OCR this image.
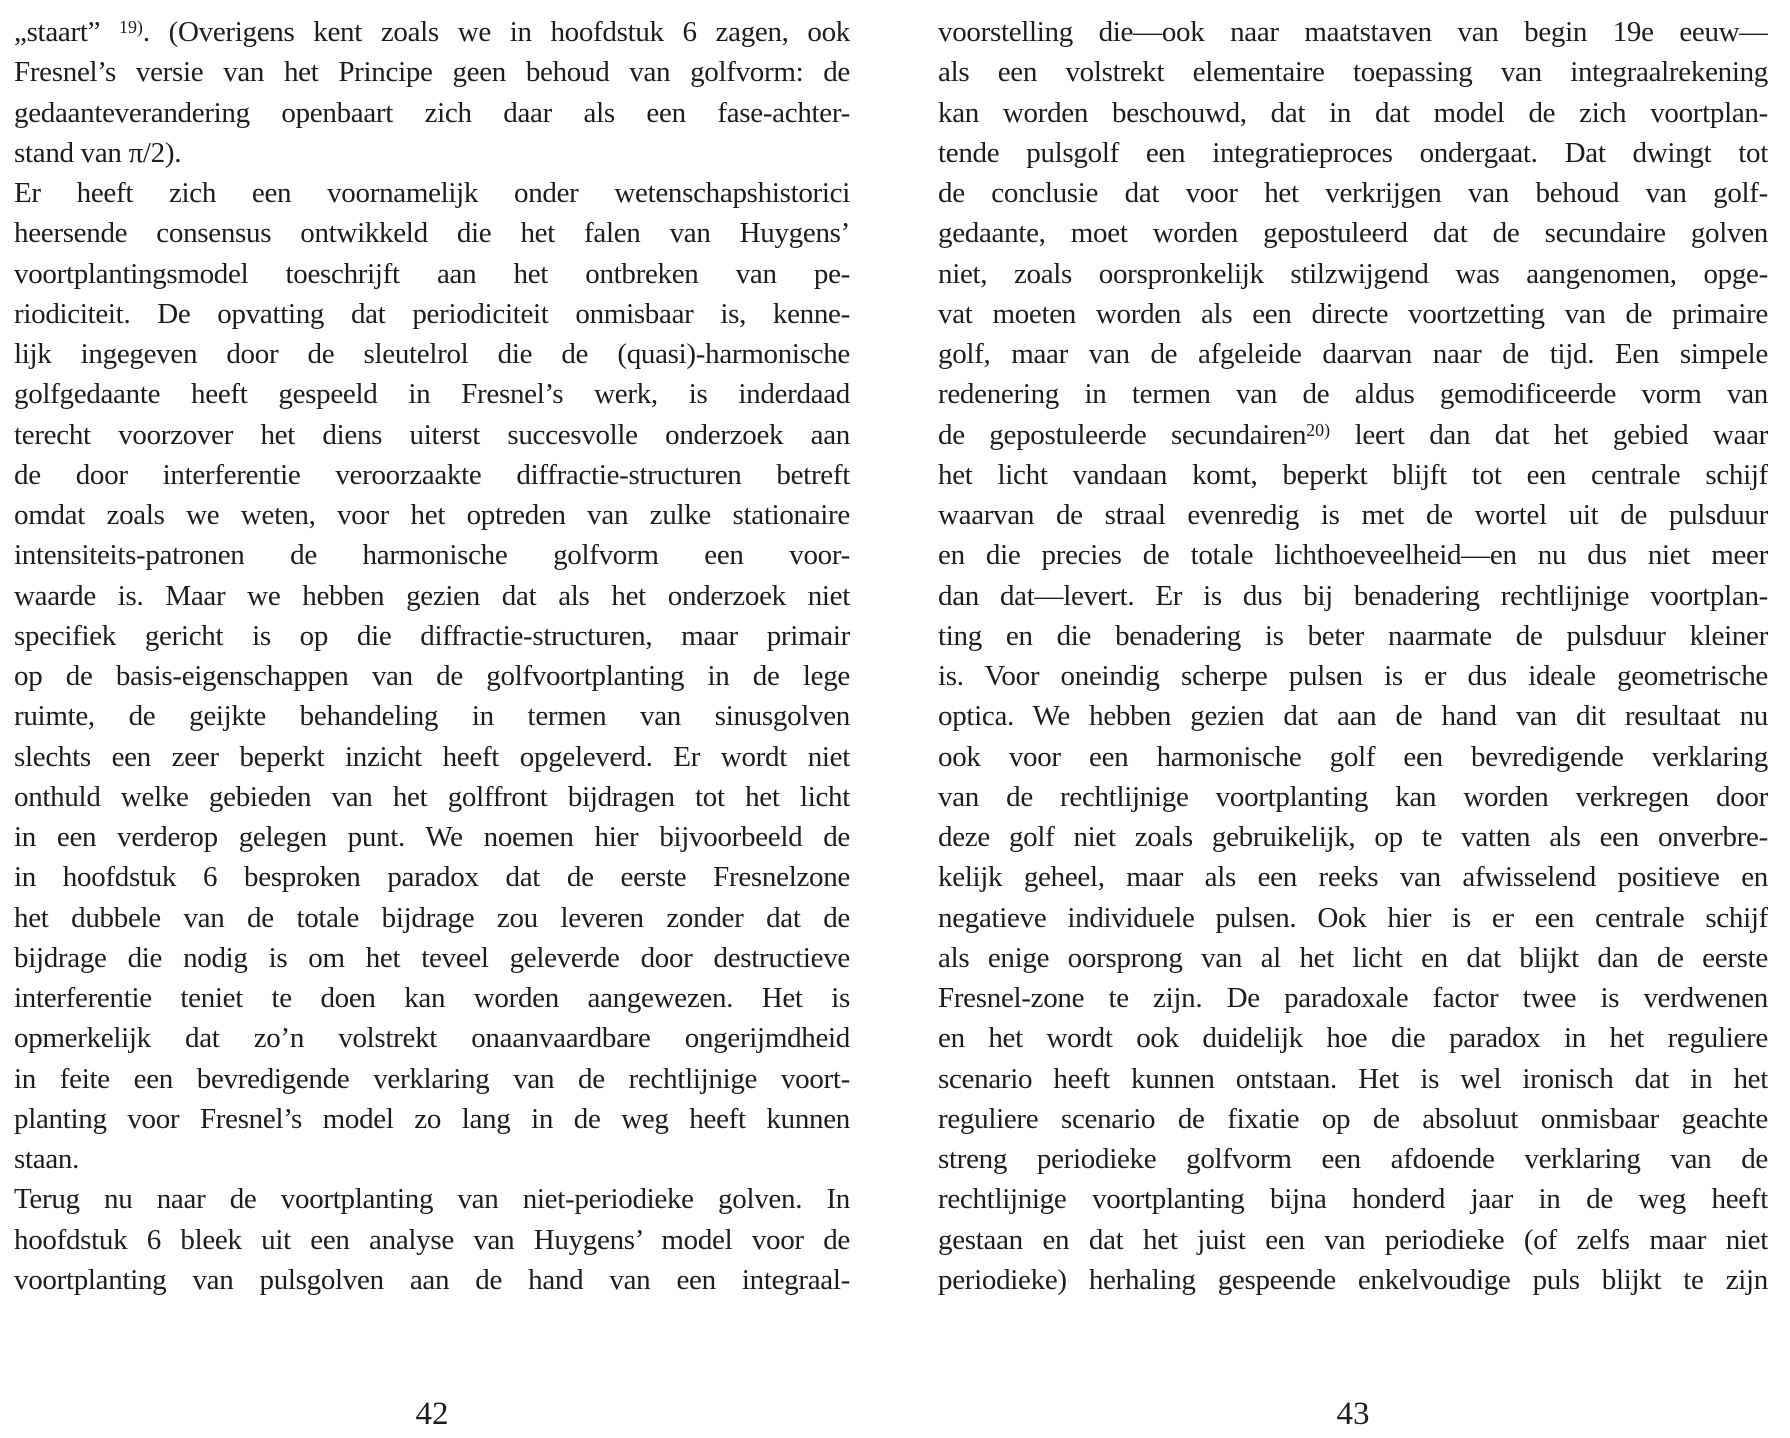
„staart” $^{19)}$. (Overigens kent zoals we in hoofdstuk 6 zagen, ook
Fresnel’s versie van het Principe geen behoud van golfvorm: de
gedaanteverandering openbaart zich daar als een fase-achter-
stand van π/2).
Er heeft zich een voornamelijk onder wetenschapshistorici
heersende consensus ontwikkeld die het falen van Huygens’
voortplantingsmodel toeschrijft aan het ontbreken van pe-
riodiciteit. De opvatting dat periodiciteit onmisbaar is, kenne-
lijk ingegeven door de sleutelrol die de (quasi)-harmonische
golfgedaante heeft gespeeld in Fresnel’s werk, is inderdaad
terecht voorzover het diens uiterst succesvolle onderzoek aan
de door interferentie veroorzaakte diffractie-structuren betreft
omdat zoals we weten, voor het optreden van zulke stationaire
intensiteits-patronen de harmonische golfvorm een voor-
waarde is. Maar we hebben gezien dat als het onderzoek niet
specifiek gericht is op die diffractie-structuren, maar primair
op de basis-eigenschappen van de golfvoortplanting in de lege
ruimte, de geijkte behandeling in termen van sinusgolven
slechts een zeer beperkt inzicht heeft opgeleverd. Er wordt niet
onthuld welke gebieden van het golffront bijdragen tot het licht
in een verderop gelegen punt. We noemen hier bijvoorbeeld de
in hoofdstuk 6 besproken paradox dat de eerste Fresnelzone
het dubbele van de totale bijdrage zou leveren zonder dat de
bijdrage die nodig is om het teveel geleverde door destructieve
interferentie teniet te doen kan worden aangewezen. Het is
opmerkelijk dat zo’n volstrekt onaanvaardbare ongerijmdheid
in feite een bevredigende verklaring van de rechtlijnige voort-
planting voor Fresnel’s model zo lang in de weg heeft kunnen
staan.
Terug nu naar de voortplanting van niet-periodieke golven. In
hoofdstuk 6 bleek uit een analyse van Huygens’ model voor de
voortplanting van pulsgolven aan de hand van een integraal-
voorstelling die—ook naar maatstaven van begin 19e eeuw—
als een volstrekt elementaire toepassing van integraalrekening
kan worden beschouwd, dat in dat model de zich voortplan-
tende pulsgolf een integratieproces ondergaat. Dat dwingt tot
de conclusie dat voor het verkrijgen van behoud van golf-
gedaante, moet worden gepostuleerd dat de secundaire golven
niet, zoals oorspronkelijk stilzwijgend was aangenomen, opge-
vat moeten worden als een directe voortzetting van de primaire
golf, maar van de afgeleide daarvan naar de tijd. Een simpele
redenering in termen van de aldus gemodificeerde vorm van
de gepostuleerde secundairen$^{20)}$ leert dan dat het gebied waar
het licht vandaan komt, beperkt blijft tot een centrale schijf
waarvan de straal evenredig is met de wortel uit de pulsduur
en die precies de totale lichthoeveelheid—en nu dus niet meer
dan dat—levert. Er is dus bij benadering rechtlijnige voortplan-
ting en die benadering is beter naarmate de pulsduur kleiner
is. Voor oneindig scherpe pulsen is er dus ideale geometrische
optica. We hebben gezien dat aan de hand van dit resultaat nu
ook voor een harmonische golf een bevredigende verklaring
van de rechtlijnige voortplanting kan worden verkregen door
deze golf niet zoals gebruikelijk, op te vatten als een onverbre-
kelijk geheel, maar als een reeks van afwisselend positieve en
negatieve individuele pulsen. Ook hier is er een centrale schijf
als enige oorsprong van al het licht en dat blijkt dan de eerste
Fresnel-zone te zijn. De paradoxale factor twee is verdwenen
en het wordt ook duidelijk hoe die paradox in het reguliere
scenario heeft kunnen ontstaan. Het is wel ironisch dat in het
reguliere scenario de fixatie op de absoluut onmisbaar geachte
streng periodieke golfvorm een afdoende verklaring van de
rechtlijnige voortplanting bijna honderd jaar in de weg heeft
gestaan en dat het juist een van periodieke (of zelfs maar niet
periodieke) herhaling gespeende enkelvoudige puls blijkt te zijn
42	43
